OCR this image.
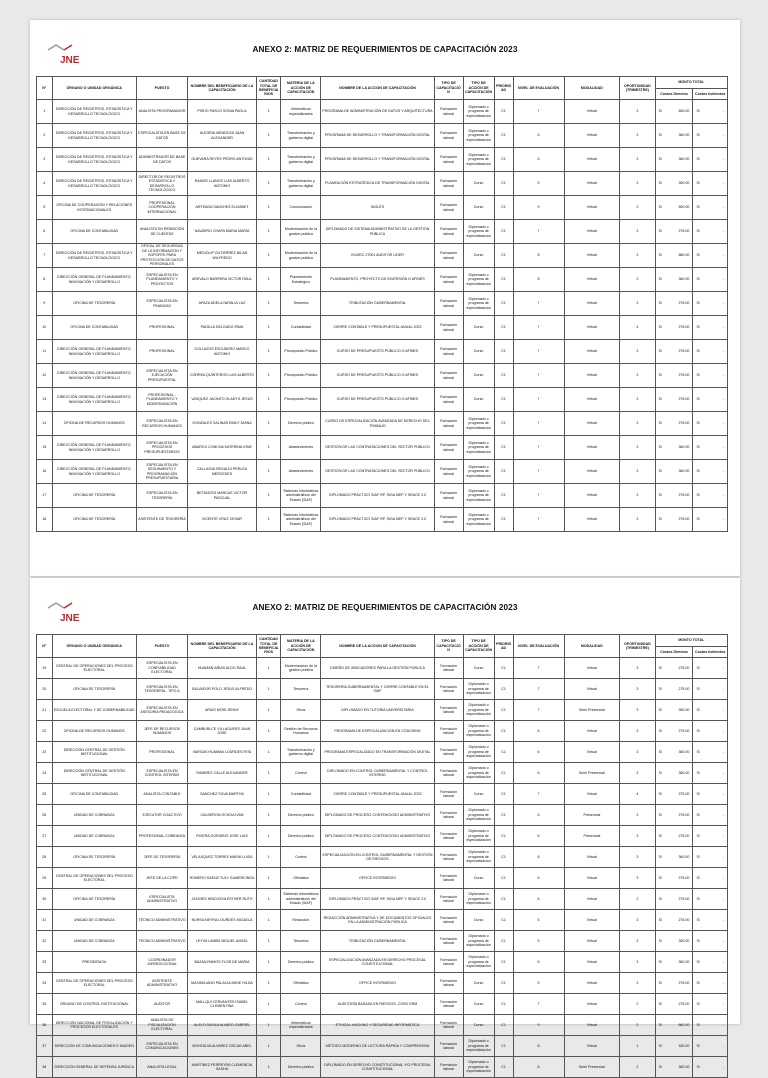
JNE
ANEXO 2: MATRIZ DE REQUERIMIENTOS DE CAPACITACIÓN 2023
N°	ÓRGANO O UNIDAD ORGÁNICA	PUESTO	NOMBRE DEL BENEFICIARIO DE LA CAPACITACIÓN	CANTIDAD TOTAL DE BENEFICIARIOS	MATERIA DE LA ACCIÓN DE CAPACITACIÓN	NOMBRE DE LA ACCION DE CAPACITACIÓN	TIPO DE CAPACITACIÓN	TIPO DE ACCIÓN DE CAPACITACIÓN	PRIORIDAD	NIVEL DE EVALUACIÓN	MODALIDAD	OPORTUNIDAD (TRIMESTRE)	MONTO TOTAL	
													Costos Directos	Costos Indirectos
1	DIRECCIÓN DE REGISTROS, ESTADÍSTICA Y DESARROLLO TECNOLÓGICO	ANALISTA PROGRAMADOR	PISHO PASCO SONIA PAOLA	1	Informáticos especializados	PROGRAMA DE ADMINISTRACIÓN DE DATOS Y ARQUITECTURA	Formación laboral	Diplomado o programa de especialización	C1	7	Virtual	3	S/ 460.00	S/ -

2	DIRECCIÓN DE REGISTROS, ESTADÍSTICA Y DESARROLLO TECNOLÓGICO	ESPECIALISTA EN BASE DE DATOS	ALEGRIA MENDOZA JUAN ALEXANDER	1	Transformación y gobierno digital	PROGRAMA DE DESARROLLO Y TRANSFORMACIÓN DIGITAL	Formación laboral	Diplomado o programa de especialización	C1	6	Virtual	3	S/ 360.00	S/ -

3	DIRECCIÓN DE REGISTROS, ESTADÍSTICA Y DESARROLLO TECNOLÓGICO	ADMINISTRADOR DE BASE DE DATOS	GUEVARA REYES PEDRO ANTONIO	1	Transformación y gobierno digital	PROGRAMA DE DESARROLLO Y TRANSFORMACIÓN DIGITAL	Formación laboral	Diplomado o programa de especialización	C1	6	Virtual	3	S/ 360.00	S/ -

4	DIRECCIÓN DE REGISTROS, ESTADÍSTICA Y DESARROLLO TECNOLÓGICO	DIRECTOR DE REGISTROS ESTADÍSTICA Y DESARROLLO TECNOLÓGICO	RAMOS LLANOS LUIS ALBERTO ANTONIO	1	Transformación y gobierno digital	PLANEACIÓN ESTRATÉGICA DE TRANSFORMACIÓN DIGITAL	Formación laboral	Curso	C1	5	Virtual	3	S/ 300.00	S/ -

5	OFICINA DE COOPERACIÓN Y RELACIONES INTERNACIONALES	PROFESIONAL COOPERACIÓN INTERNACIONAL	ARTEAGA SANCHEZ ELIZABET	1	Comunicación	INGLÉS	Formación laboral	Curso	C1	9	Virtual	2	S/ 500.00	S/ -

6	OFICINA DE CONTABILIDAD	ANALISTA EN RENDICIÓN DE CUENTAS	NAVARRO CHAPA MARIA MARIA	1	Modernización de la gestión pública	DIPLOMADO DE SISTEMA ADMINISTRATIVO DE LA GESTIÓN PÚBLICA	Formación laboral	Diplomado o programa de especialización	C1	7	Virtual	3	S/ 275.00	S/ -

7	DIRECCIÓN DE REGISTROS, ESTADÍSTICA Y DESARROLLO TECNOLÓGICO	OFICIAL DE SEGURIDAD DE LA INFORMACIÓN Y SOPORTE PARA PROTECCIÓN DE DATOS PERSONALES	MEDIOLIP GUTIERREZ NILAN WILFREDO	1	Modernización de la gestión pública	ISO/IEC 27001 AUDITOR LIDER	Formación laboral	Curso	C1	8	Virtual	3	S/ 680.00	S/ -

8	DIRECCIÓN GENERAL DE PLANEAMIENTO, INNOVACIÓN Y DESARROLLO	ESPECIALISTA EN PLANEAMIENTO Y PROYECTOS	AREVALO BARRERA VICTOR RAUL	1	Planeamiento Estratégico	PLANEAMIENTO, PROYECTO DE INVERSIÓN O AFINES	Formación laboral	Diplomado o programa de especialización	C1	8	Virtual	2	S/ 360.00	S/ -

9	OFICINA DE TESORERÍA	ESPECIALISTA EN FINANZAS	APAZA ADELA NATALIA LUZ	1	Tesorería	TRIBUTACIÓN GUBERNAMENTAL	Formación laboral	Diplomado o programa de especialización	C1	7	Virtual	3	S/ 275.00	S/ -

10	OFICINA DE CONTABILIDAD	PROFESIONAL	PADILLA DELGADO IRMA	1	Contabilidad	CIERRE CONTABLE Y PRESUPUESTAL ANUAL 2023	Formación laboral	Curso	C1	7	Virtual	4	S/ 275.00	S/ -

11	DIRECCIÓN GENERAL DE PLANEAMIENTO, INNOVACIÓN Y DESARROLLO	PROFESIONAL	COLLAZOS ESCUDERO MARCO ANTONIO	1	Presupuesto Público	CURSO DE PRESUPUESTO PÚBLICO O AFINES	Formación laboral	Curso	C1	7	Virtual	3	S/ 275.00	S/ -

12	DIRECCIÓN GENERAL DE PLANEAMIENTO, INNOVACIÓN Y DESARROLLO	ESPECIALISTA EN EJECUCIÓN PRESUPUESTAL	CORREA QUINTEROS LUIS ALBERTO	1	Presupuesto Público	CURSO DE PRESUPUESTO PÚBLICO O AFINES	Formación laboral	Curso	C1	7	Virtual	3	S/ 275.00	S/ -

13	DIRECCIÓN GENERAL DE PLANEAMIENTO, INNOVACIÓN Y DESARROLLO	PROFESIONAL - PLANEAMIENTO Y MODERNIZACIÓN	VASQUEZ JACINTO GLADYS JESUS	1	Presupuesto Público	CURSO DE PRESUPUESTO PÚBLICO O AFINES	Formación laboral	Curso	C1	7	Virtual	3	S/ 275.00	S/ -

14	OFICINA DE RECURSOS HUMANOS	ESPECIALISTA EN RECURSOS HUMANOS	GONZALES SALINAS EMILY DIANA	1	Derecho público	CURSO DE ESPECIALIZACIÓN AVANZADA DE DERECHO DEL TRABAJO	Formación laboral	Diplomado o programa de especialización	C1	7	Virtual	3	S/ 275.00	S/ -

15	DIRECCIÓN GENERAL DE PLANEAMIENTO, INNOVACIÓN Y DESARROLLO	ESPECIALISTA EN PROCESOS PRESUPUESTARIOS	ABARCO CONCHA KATERINA IONE	1	Abastecimiento	GESTIÓN DE LAS CONTRATACIONES DEL SECTOR PÚBLICO	Formación laboral	Diplomado o programa de especialización	C1	7	Virtual	3	S/ 360.00	S/ -

16	DIRECCIÓN GENERAL DE PLANEAMIENTO, INNOVACIÓN Y DESARROLLO	ESPECIALISTA EN SEGUIMIENTO Y PROGRAMACIÓN PRESUPUESTARIA	CALLASVA REGALDI PERLEA MERCEDES	1	Abastecimiento	GESTIÓN DE LAS CONTRATACIONES DEL SECTOR PÚBLICO	Formación laboral	Diplomado o programa de especialización	C1	7	Virtual	3	S/ 360.00	S/ -

17	OFICINA DE TESORERÍA	ESPECIALISTA EN TESORERÍA	BETANCED MARCAS VICTOR PASCUAL	1	Sistemas informáticos administrativos del Estado (SIAF)	DIPLOMADO PRÁCTICO SIAF RP, SIGA MEF Y SEACE 3.0	Formación laboral	Diplomado o programa de especialización	C1	7	Virtual	3	S/ 275.00	S/ -

18	OFICINA DE TESORERÍA	ASISTENTE DE TESORERÍA	VICENTE CRUZ CESAR	1	Sistemas informáticos administrativos del Estado (SIAF)	DIPLOMADO PRÁCTICO SIAF RP, SIGA MEF Y SEACE 3.0	Formación laboral	Diplomado o programa de especialización	C1	7	Virtual	3	S/ 275.00	S/ -
JNE
ANEXO 2: MATRIZ DE REQUERIMIENTOS DE CAPACITACIÓN 2023
N°	ÓRGANO O UNIDAD ORGÁNICA	PUESTO	NOMBRE DEL BENEFICIARIO DE LA CAPACITACIÓN	CANTIDAD TOTAL DE BENEFICIARIOS	MATERIA DE LA ACCIÓN DE CAPACITACIÓN	NOMBRE DE LA ACCION DE CAPACITACIÓN	TIPO DE CAPACITACIÓN	TIPO DE ACCIÓN DE CAPACITACIÓN	PRIORIDAD	NIVEL DE EVALUACIÓN	MODALIDAD	OPORTUNIDAD (TRIMESTRE)	MONTO TOTAL	
													Costos Directos	Costos Indirectos
19	CENTRAL DE OPERACIONES DEL PROCESO ELECTORAL	ESPECIALISTA EN CONFIABILIDAD ELECTORAL	HUAMAN ARIAS ALDO RAUL	1	Modernización de la gestión pública	DISEÑO DE INDICADORES PARA LA GESTIÓN PÚBLICA	Formación laboral	Curso	C1	7	Virtual	3	S/ 275.00	S/ -

20	OFICINA DE TESORERÍA	ESPECIALISTA EN TESORERÍA - TIPO A	SALVADOR POLO JESUS ALFREDO	1	Tesorería	TESORERÍA GUBERNAMENTAL Y CIERRE CONTABLE EN EL SIAF	Formación laboral	Diplomado o programa de especialización	C1	7	Virtual	3	S/ 275.00	S/ -

21	ESCUELA ELECTORAL Y DE GOBERNABILIDAD	ESPECIALISTA EN ASESORÍA PEDAGÓGICA	ARIAS MORI JENNY	1	Otros	DIPLOMADO EN TUTORÍA UNIVERSITARIA	Formación laboral	Diplomado o programa de especialización	C1	7	Semi Presencial	3	S/ 280.00	S/ -

22	OFICINA DE RECURSOS HUMANOS	JEFE DE RECURSOS HUMANOS	CAMBURLCE VILLAGUERS JUAN JOSE	1	Gestión de Recursos Humanos	PROGRAMA DE ESPECIALIZACIÓN EN COACHING	Formación laboral	Diplomado o programa de especialización	C1	6	Virtual	3	S/ 275.00	S/ -

23	DIRECCIÓN CENTRAL DE GESTIÓN INSTITUCIONAL	PROFESIONAL	VARGAS HUAMAN LOURDES RITA	1	Transformación y gobierno digital	PROGRAMA ESPECIALIZADO EN TRANSFORMACIÓN DIGITAL	Formación laboral	Diplomado o programa de especialización	C1	6	Virtual	3	S/ 360.00	S/ -

24	DIRECCIÓN CENTRAL DE GESTIÓN INSTITUCIONAL	ESPECIALISTA EN CONTROL INTERNO	RAMIREZ CALLE ALEXANDER	1	Control	DIPLOMADO EN CONTROL GUBERNAMENTAL Y CONTROL INTERNO	Formación laboral	Diplomado o programa de especialización	C1	6	Semi Presencial	3	S/ 360.00	S/ -

25	OFICINA DE CONTABILIDAD	ANALISTA CONTABLE	SANCHEZ SILVA MARTHA	1	Contabilidad	CIERRE CONTABLE Y PRESUPUESTAL ANUAL 2023	Formación laboral	Curso	C1	7	Virtual	4	S/ 275.00	S/ -

26	UNIDAD DE COBRANZA	EJECUTOR COACTIVO	CALDERON OCHOA IVAN	1	Derecho público	DIPLOMADO DE PROCESO CONTENCIOSO ADMINISTRATIVO	Formación laboral	Diplomado o programa de especialización	C1	6	Presencial	3	S/ 275.00	S/ -

27	UNIDAD DE COBRANZA	PROFESIONAL COBRANZA	RIVERA GORIARIO JOSE LUIS	1	Derecho público	DIPLOMADO DE PROCESO CONTENCIOSO ADMINISTRATIVO	Formación laboral	Diplomado o programa de especialización	C1	6	Presencial	3	S/ 275.00	S/ -

28	OFICINA DE TESORERÍA	JEFE DE TESORERÍA	VELASQUEZ TORRES MARIA LUISA	1	Control	ESPECIALIZACIÓN EN CONTROL GUBERNAMENTAL Y GESTIÓN DE RIESGOS	Formación laboral	Diplomado o programa de especialización	C1	6	Virtual	3	S/ 360.00	S/ -

29	CENTRAL DE OPERACIONES DEL PROCESO ELECTORAL	JEFE DE LA COPD	ROMERO SAENZ YULY GUMERCINDA	1	Ofimática	OFFICE INTERMEDIO	Formación laboral	Curso	C1	6	Virtual	3	S/ 275.00	S/ -

30	OFICINA DE TESORERÍA	ESPECIALISTA ADMINISTRATIVO	JACINES HINOJOSA ESTHER RUTH	1	Sistemas informáticos administrativos del Estado (SIAF)	DIPLOMADO PRÁCTICO SIAF RP, SIGA MEF Y SEACE 3.0	Formación laboral	Diplomado o programa de especialización	C1	6	Virtual	2	S/ 275.00	S/ -

31	UNIDAD DE COBRANZA	TÉCNICO ADMINISTRATIVO	NURSA NEYRA LOURDES MICAELA	1	Redacción	REDACCIÓN ADMINISTRATIVA Y DE DOCUMENTOS OFICIALES EN LA ADMINISTRACIÓN PÚBLICA	Formación laboral	Curso	C1	5	Virtual	3	S/ 275.00	S/ -

32	UNIDAD DE COBRANZA	TÉCNICO ADMINISTRATIVO	LEYVA LAMBS MIGUEL ANGEL	1	Tesorería	TRIBUTACIÓN GUBERNAMENTAL	Formación laboral	Diplomado o programa de especialización	C1	5	Virtual	3	S/ 300.00	S/ -

33	PRESIDENCIA	COORDINADOR JURISDICCIONAL	BAZAN RAMOS FLOR DE MARIA	1	Derecho público	ESPECIALIZACIÓN AVANZADA EN DERECHO PROCESAL CONSTITUCIONAL	Formación laboral	Diplomado o programa de especialización	C1	6	Virtual	3	S/ 360.00	S/ -

34	CENTRAL DE OPERACIONES DEL PROCESO ELECTORAL	ASISTENTE ADMINISTRATIVO	MAXIMILIANO PALACIA MIKIE HILDA	1	Ofimática	OFFICE INTERMEDIO	Formación laboral	Curso	C1	5	Virtual	3	S/ 275.00	S/ -

35	ÓRGANO DE CONTROL INSTITUCIONAL	AUDITOR	MALLQUI CERVANTES ISABEL CLEMENTINA	1	Control	AUDITORÍA BASADA EN RIESGOS, COSO ERM	Formación laboral	Curso	C1	7	Virtual	2	S/ 275.00	S/ -

36	DIRECCIÓN NACIONAL DE FISCALIZACIÓN Y PROCESOS ELECTORALES	ANALISTA DE FISCALIZACIÓN ELECTORAL	ALAYO DAVILA ALVARO GABRIEL	1	Informáticos especializados	ETHICAL HACKING Y SEGURIDAD INFORMÁTICA	Formación laboral	Curso	C1	9	Virtual	2	S/ 660.00	S/ -

37	DIRECCIÓN DE COMUNICACIONES E IMAGEN	ESPECIALISTA EN COMUNICACIONES	MONTALVA ALVAREZ OSCAR ABEL	1	Otros	MÉTODO MODERNO DE LECTURA RÁPIDA Y COMPRENSIVA	Formación laboral	Diplomado o programa de especialización	C1	8	Virtual	1	S/ 180.00	S/ -

38	DIRECCIÓN GENERAL DE DEFENSA JURÍDICA	ANALISTA LEGAL	MARTINEZ FERREYRA CLEMENCIA SASHA	1	Derecho público	DIPLOMADO EN DERECHO CONSTITUCIONAL Y/O PROCESAL CONSTITUCIONAL	Formación laboral	Diplomado o programa de especialización	C1	8	Semi Presencial	2	S/ 360.00	S/ -
